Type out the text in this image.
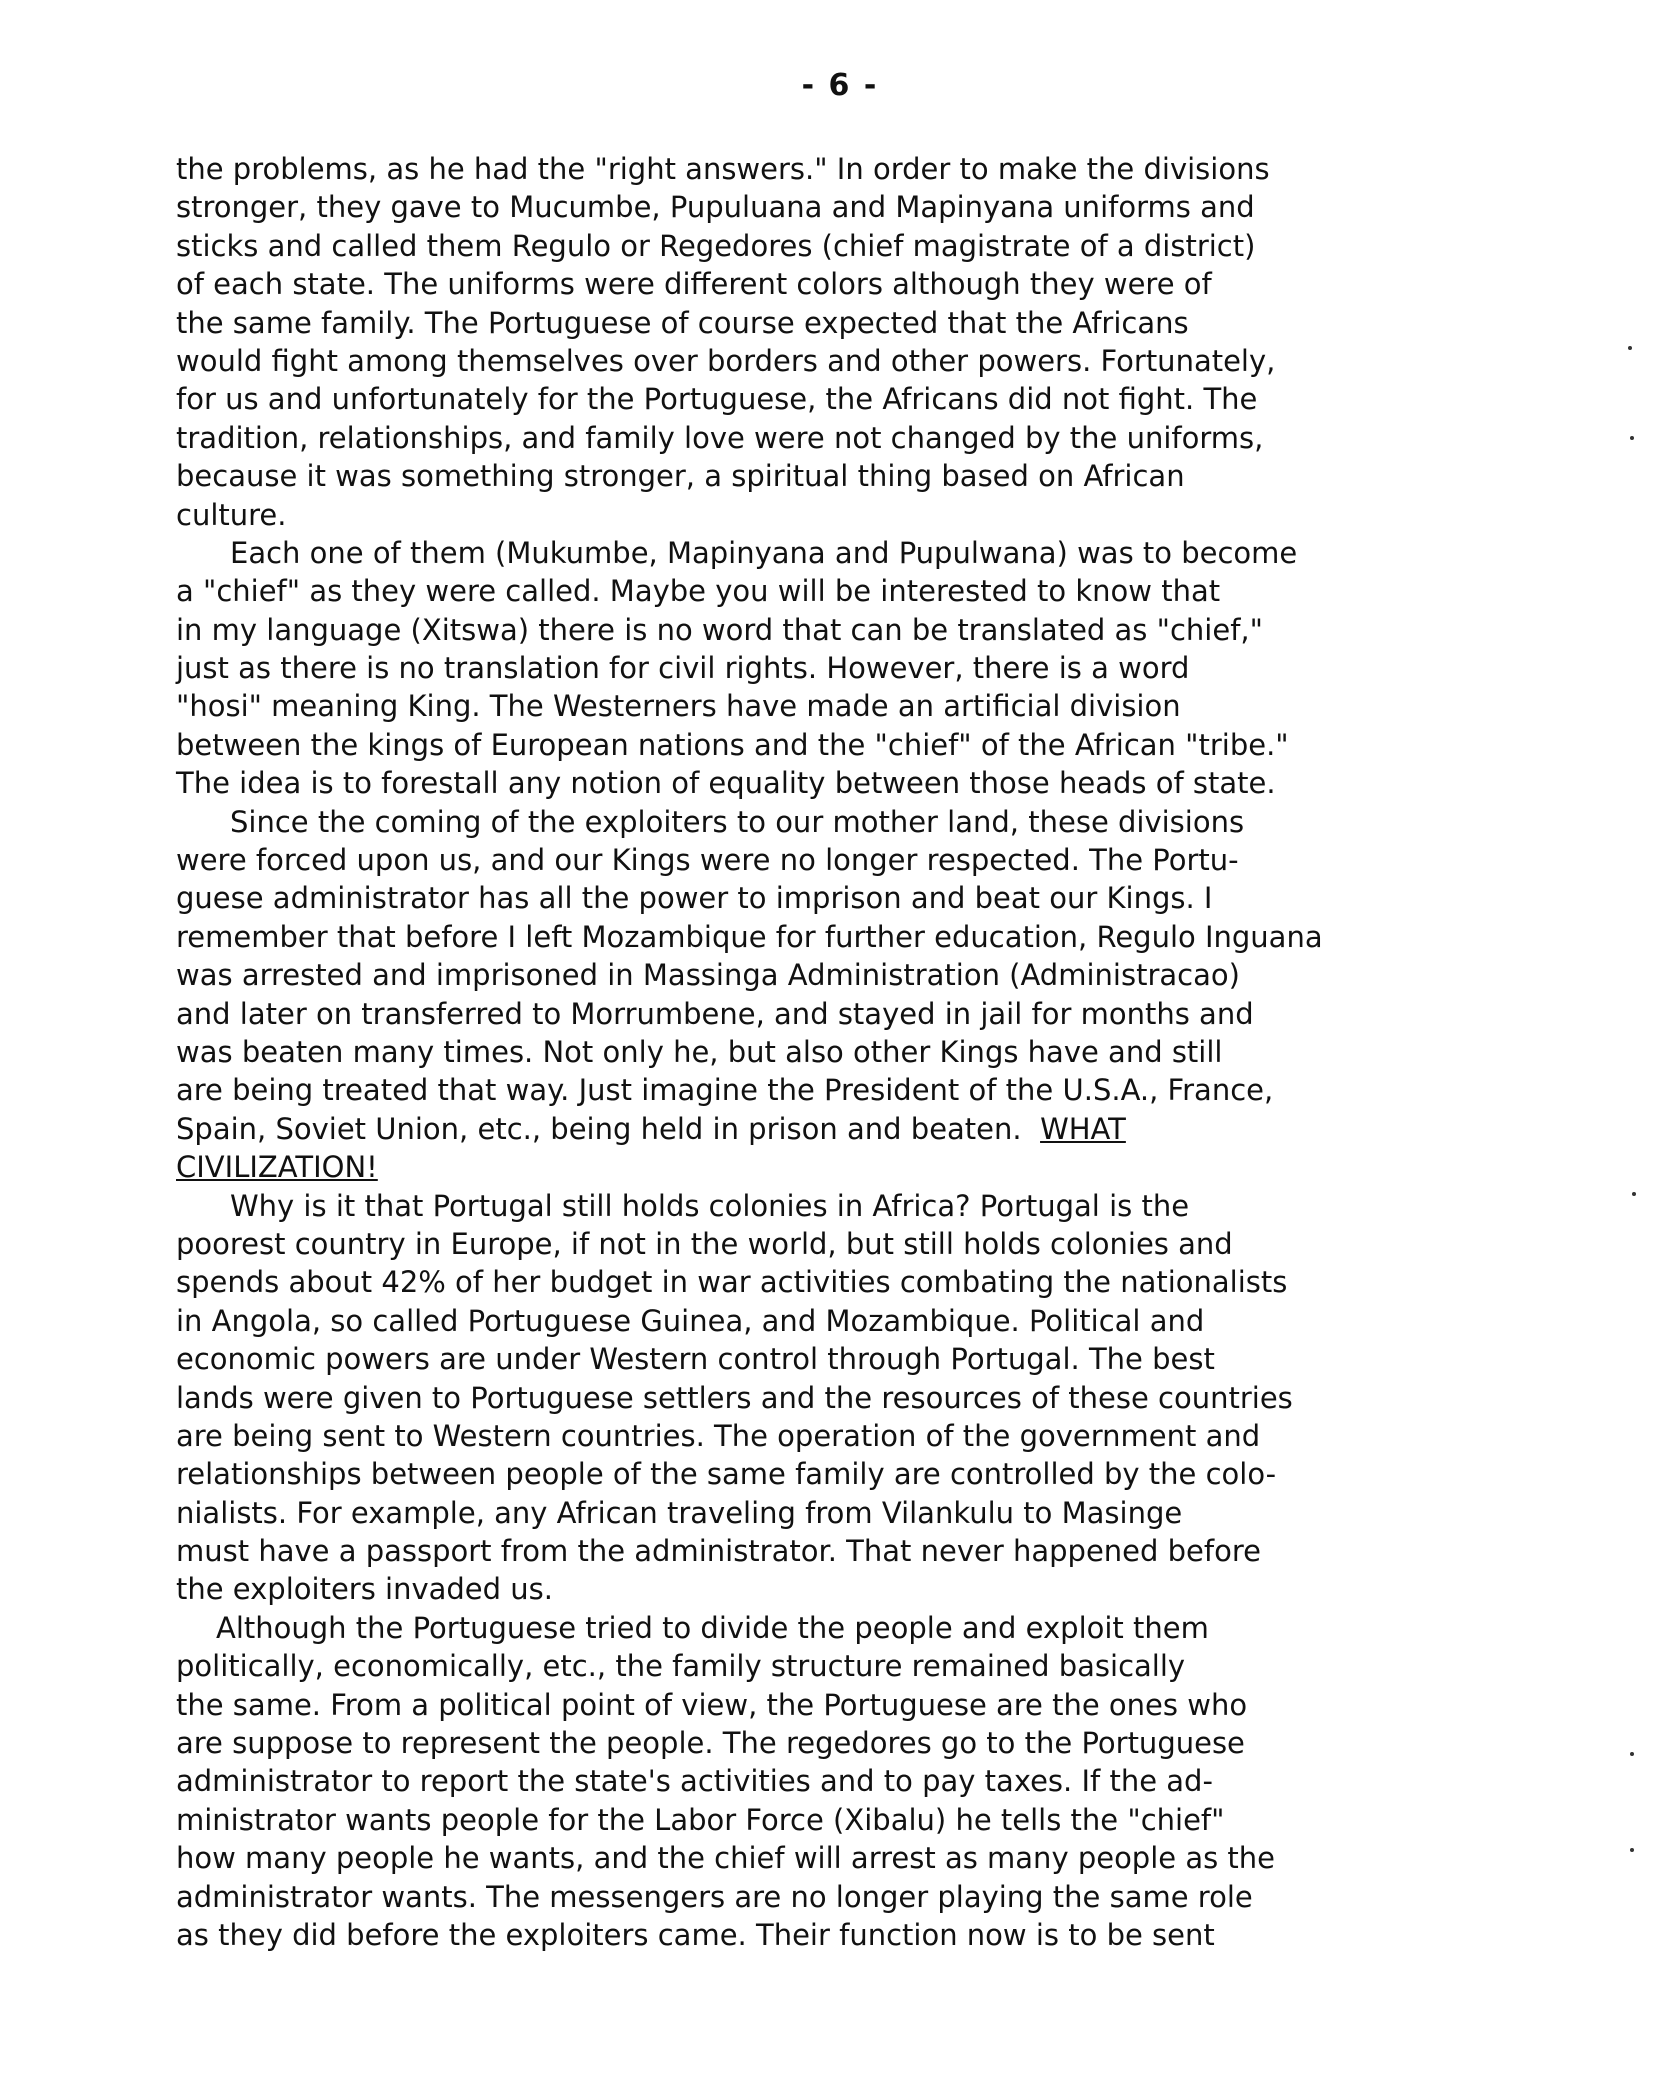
- 6 -
the problems, as he had the "right answers." In order to make the divisions
stronger, they gave to Mucumbe, Pupuluana and Mapinyana uniforms and
sticks and called them Regulo or Regedores (chief magistrate of a district)
of each state. The uniforms were different colors although they were of
the same family. The Portuguese of course expected that the Africans
would fight among themselves over borders and other powers. Fortunately,
for us and unfortunately for the Portuguese, the Africans did not fight. The
tradition, relationships, and family love were not changed by the uniforms,
because it was something stronger, a spiritual thing based on African
culture.
Each one of them (Mukumbe, Mapinyana and Pupulwana) was to become
a "chief" as they were called. Maybe you will be interested to know that
in my language (Xitswa) there is no word that can be translated as "chief,"
just as there is no translation for civil rights. However, there is a word
"hosi" meaning King. The Westerners have made an artificial division
between the kings of European nations and the "chief" of the African "tribe."
The idea is to forestall any notion of equality between those heads of state.
Since the coming of the exploiters to our mother land, these divisions
were forced upon us, and our Kings were no longer respected. The Portu-
guese administrator has all the power to imprison and beat our Kings. I
remember that before I left Mozambique for further education, Regulo Inguana
was arrested and imprisoned in Massinga Administration (Administracao)
and later on transferred to Morrumbene, and stayed in jail for months and
was beaten many times. Not only he, but also other Kings have and still
are being treated that way. Just imagine the President of the U.S.A., France,
Spain, Soviet Union, etc., being held in prison and beaten.  WHAT
CIVILIZATION!
Why is it that Portugal still holds colonies in Africa? Portugal is the
poorest country in Europe, if not in the world, but still holds colonies and
spends about 42% of her budget in war activities combating the nationalists
in Angola, so called Portuguese Guinea, and Mozambique. Political and
economic powers are under Western control through Portugal. The best
lands were given to Portuguese settlers and the resources of these countries
are being sent to Western countries. The operation of the government and
relationships between people of the same family are controlled by the colo-
nialists. For example, any African traveling from Vilankulu to Masinge
must have a passport from the administrator. That never happened before
the exploiters invaded us.
Although the Portuguese tried to divide the people and exploit them
politically, economically, etc., the family structure remained basically
the same. From a political point of view, the Portuguese are the ones who
are suppose to represent the people. The regedores go to the Portuguese
administrator to report the state's activities and to pay taxes. If the ad-
ministrator wants people for the Labor Force (Xibalu) he tells the "chief"
how many people he wants, and the chief will arrest as many people as the
administrator wants. The messengers are no longer playing the same role
as they did before the exploiters came. Their function now is to be sent
